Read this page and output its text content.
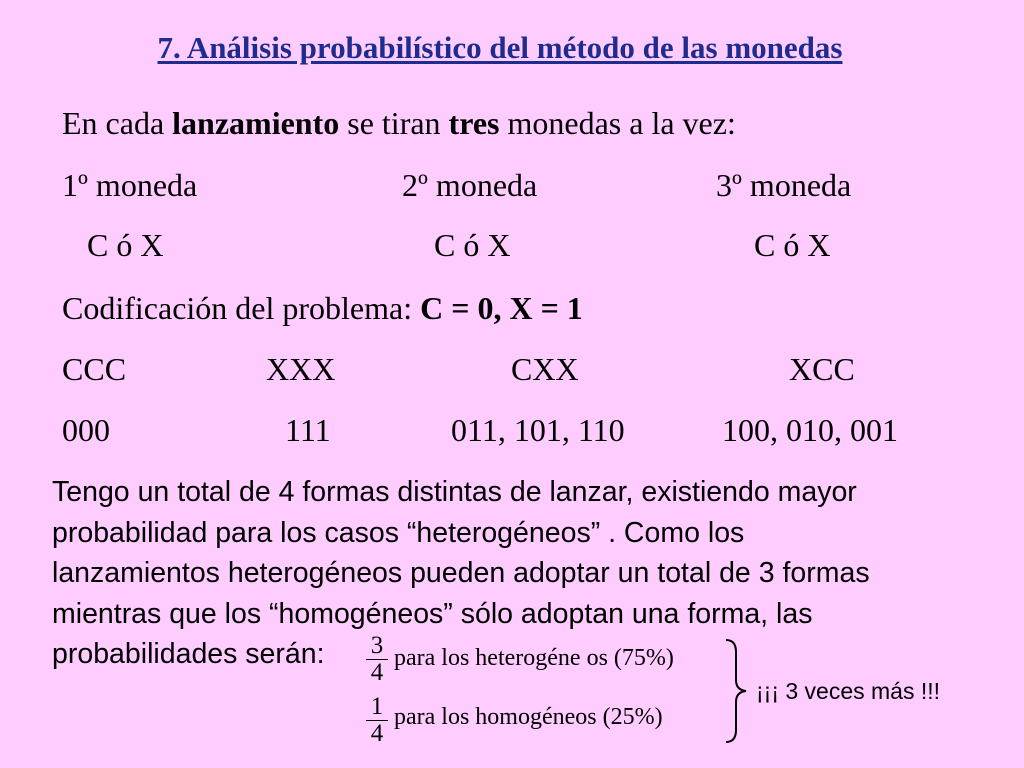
7. Análisis probabilístico del método de las monedas
En cada lanzamiento se tiran tres monedas a la vez:
1º moneda	2º moneda	3º moneda
C ó X	C ó X	C ó X
Codificación del problema: C = 0, X = 1
CCC	XXX	CXX	XCC
000	111	011, 101, 110	100, 010, 001

Tengo un total de 4 formas distintas de lanzar, existiendo mayor

probabilidad para los casos “heterogéneos” . Como los

lanzamientos heterogéneos pueden adoptar un total de 3 formas

mientras que los “homogéneos” sólo adoptan una forma, las

probabilidades serán:	$\frac{3}{4}$ para los heterogéne os (75%)
$\frac{1}{4}$ para los homogéneos (25%)
¡¡¡ 3 veces más !!!
